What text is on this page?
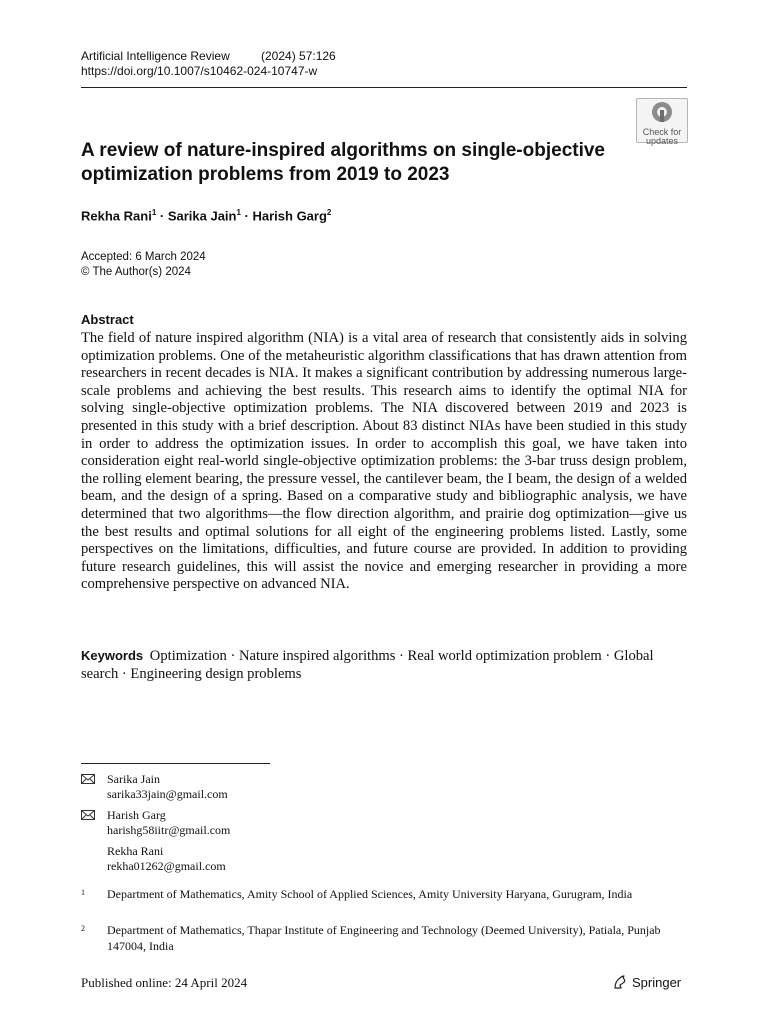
Artificial Intelligence Review	(2024) 57:126
https://doi.org/10.1007/s10462-024-10747-w
Check for
updates
A review of nature-inspired algorithms on single-objective optimization problems from 2019 to 2023
Rekha Rani$^1$ · Sarika Jain$^1$ · Harish Garg$^2$
Accepted: 6 March 2024
© The Author(s) 2024
Abstract
The field of nature inspired algorithm (NIA) is a vital area of research that consistently aids in solving optimization problems. One of the metaheuristic algorithm classifications that has drawn attention from researchers in recent decades is NIA. It makes a significant contribution by addressing numerous large-scale problems and achieving the best results. This research aims to identify the optimal NIA for solving single-objective optimization problems. The NIA discovered between 2019 and 2023 is presented in this study with a brief description. About 83 distinct NIAs have been studied in this study in order to address the optimization issues. In order to accomplish this goal, we have taken into consideration eight real-world single-objective optimization problems: the 3-bar truss design problem, the rolling element bearing, the pressure vessel, the cantilever beam, the I beam, the design of a welded beam, and the design of a spring. Based on a comparative study and bibliographic analysis, we have determined that two algorithms—the flow direction algorithm, and prairie dog optimization—give us the best results and optimal solutions for all eight of the engineering problems listed. Lastly, some perspectives on the limitations, difficulties, and future course are provided. In addition to providing future research guidelines, this will assist the novice and emerging researcher in providing a more comprehensive perspective on advanced NIA.
Keywords Optimization · Nature inspired algorithms · Real world optimization problem · Global search · Engineering design problems
Sarika Jain
sarika33jain@gmail.com
Harish Garg
harishg58iitr@gmail.com
Rekha Rani
rekha01262@gmail.com
1 Department of Mathematics, Amity School of Applied Sciences, Amity University Haryana, Gurugram, India
2 Department of Mathematics, Thapar Institute of Engineering and Technology (Deemed University), Patiala, Punjab 147004, India
Published online: 24 April 2024	Springer
